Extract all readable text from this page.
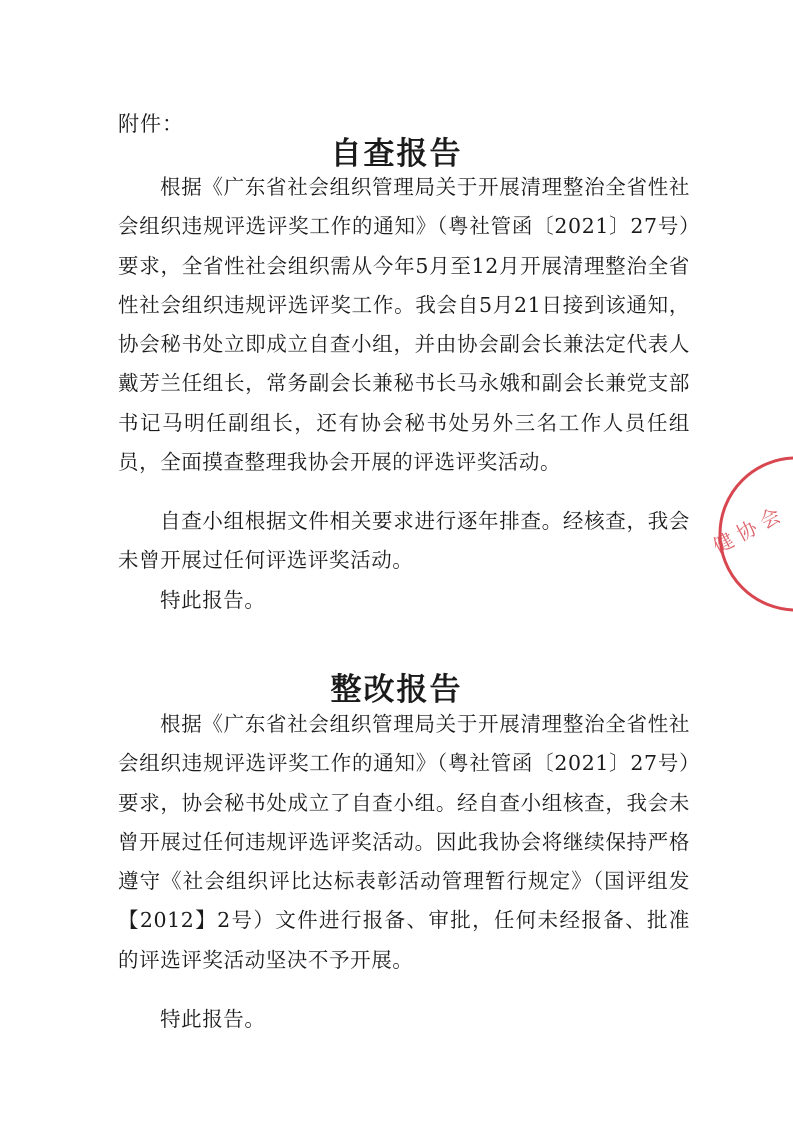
附件：
自查报告

根据《广东省社会组织管理局关于开展清理整治全省性社会组织违规评选评奖工作的通知》（粤社管函〔2021〕27号）要求，全省性社会组织需从今年5月至12月开展清理整治全省性社会组织违规评选评奖工作。我会自5月21日接到该通知，协会秘书处立即成立自查小组，并由协会副会长兼法定代表人戴芳兰任组长，常务副会长兼秘书长马永娥和副会长兼党支部书记马明任副组长，还有协会秘书处另外三名工作人员任组员，全面摸查整理我协会开展的评选评奖活动。

自查小组根据文件相关要求进行逐年排查。经核查，我会未曾开展过任何评选评奖活动。

特此报告。

整改报告

根据《广东省社会组织管理局关于开展清理整治全省性社会组织违规评选评奖工作的通知》（粤社管函〔2021〕27号）要求，协会秘书处成立了自查小组。经自查小组核查，我会未曾开展过任何违规评选评奖活动。因此我协会将继续保持严格遵守《社会组织评比达标表彰活动管理暂行规定》（国评组发【2012】2号）文件进行报备、审批，任何未经报备、批准的评选评奖活动坚决不予开展。

特此报告。

健 协 会
